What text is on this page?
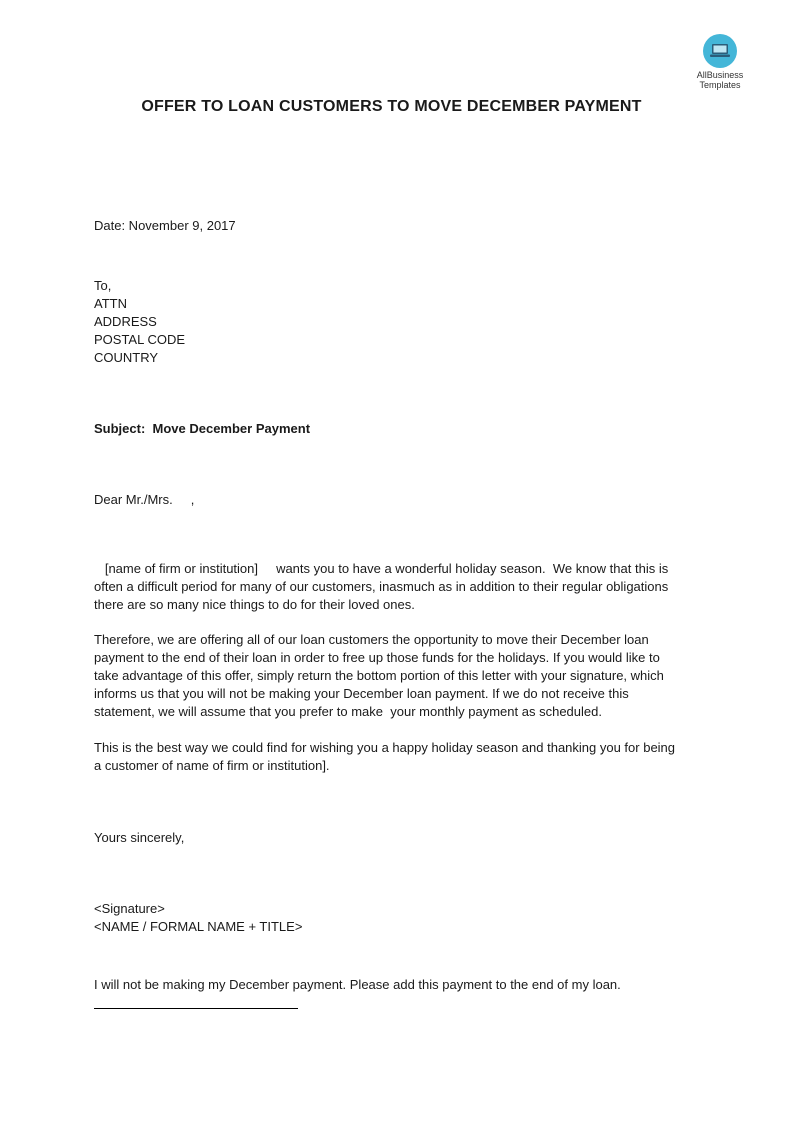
AllBusiness
Templates
OFFER TO LOAN CUSTOMERS TO MOVE DECEMBER PAYMENT
Date: November 9, 2017
To,
ATTN
ADDRESS
POSTAL CODE
COUNTRY
Subject:  Move December Payment
Dear Mr./Mrs.     ,
[name of firm or institution]     wants you to have a wonderful holiday season.  We know that this is
often a difficult period for many of our customers, inasmuch as in addition to their regular obligations
there are so many nice things to do for their loved ones.
Therefore, we are offering all of our loan customers the opportunity to move their December loan
payment to the end of their loan in order to free up those funds for the holidays. If you would like to
take advantage of this offer, simply return the bottom portion of this letter with your signature, which
informs us that you will not be making your December loan payment. If we do not receive this
statement, we will assume that you prefer to make  your monthly payment as scheduled.
This is the best way we could find for wishing you a happy holiday season and thanking you for being
a customer of name of firm or institution].
Yours sincerely,
<Signature>
<NAME / FORMAL NAME + TITLE>
I will not be making my December payment. Please add this payment to the end of my loan.
